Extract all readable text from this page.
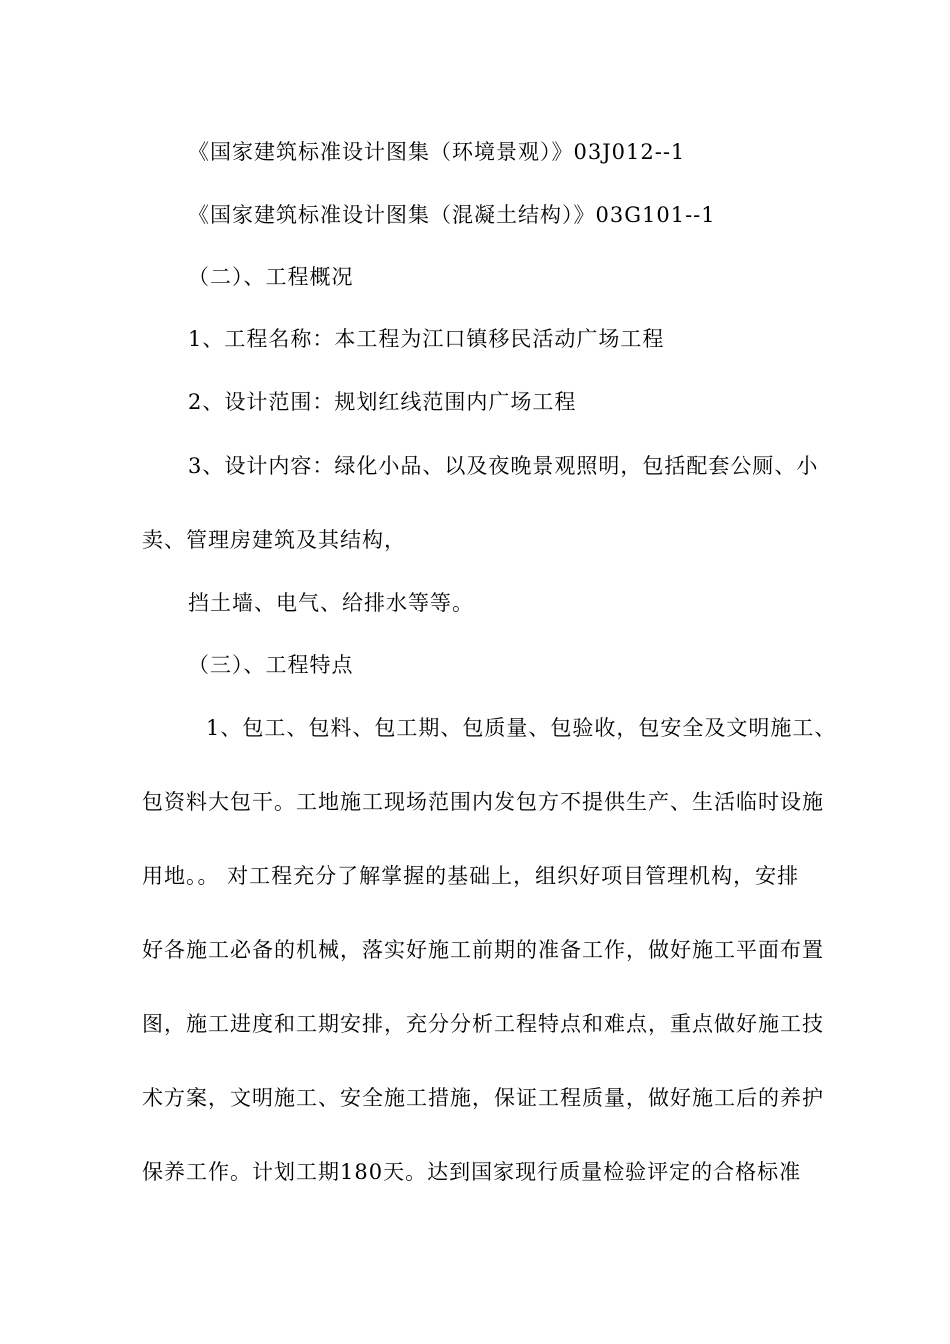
《国家建筑标准设计图集（环境景观）》03J012--1
《国家建筑标准设计图集（混凝土结构）》03G101--1
（二）、工程概况
1、工程名称：本工程为江口镇移民活动广场工程
2、设计范围：规划红线范围内广场工程
3、设计内容：绿化小品、以及夜晚景观照明，包括配套公厕、小
卖、管理房建筑及其结构，
挡土墙、电气、给排水等等。
（三）、工程特点
1、包工、包料、包工期、包质量、包验收，包安全及文明施工、
包资料大包干。工地施工现场范围内发包方不提供生产、生活临时设施
用地。。 对工程充分了解掌握的基础上，组织好项目管理机构，安排
好各施工必备的机械，落实好施工前期的准备工作，做好施工平面布置
图，施工进度和工期安排，充分分析工程特点和难点，重点做好施工技
术方案，文明施工、安全施工措施，保证工程质量，做好施工后的养护
保养工作。计划工期180天。达到国家现行质量检验评定的合格标准
